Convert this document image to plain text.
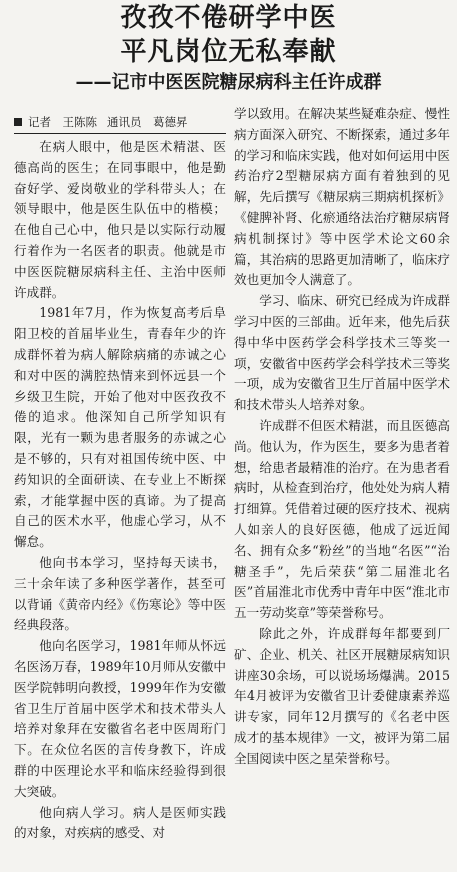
孜孜不倦研学中医
平凡岗位无私奉献
——记市中医医院糖尿病科主任许成群
记者　王陈陈 通讯员　葛德昇

在病人眼中，他是医术精湛、医德高尚的医生；在同事眼中，他是勤奋好学、爱岗敬业的学科带头人；在领导眼中，他是医生队伍中的楷模；在他自己心中，他只是以实际行动履行着作为一名医者的职责。他就是市中医医院糖尿病科主任、主治中医师许成群。

1981年7月，作为恢复高考后阜阳卫校的首届毕业生，青春年少的许成群怀着为病人解除病痛的赤诚之心和对中医的满腔热情来到怀远县一个乡级卫生院，开始了他对中医孜孜不倦的追求。他深知自己所学知识有限，光有一颗为患者服务的赤诚之心是不够的，只有对祖国传统中医、中药知识的全面研读、在专业上不断探索，才能掌握中医的真谛。为了提高自己的医术水平，他虚心学习，从不懈怠。

他向书本学习，坚持每天读书，三十余年读了多种医学著作，甚至可以背诵《黄帝内经》《伤寒论》等中医经典段落。

他向名医学习，1981年师从怀远名医汤万春，1989年10月师从安徽中医学院韩明向教授，1999年作为安徽省卫生厅首届中医学术和技术带头人培养对象拜在安徽省名老中医周珩门下。在众位名医的言传身教下，许成群的中医理论水平和临床经验得到很大突破。

他向病人学习。病人是医师实践的对象，对疾病的感受、对

学以致用。在解决某些疑难杂症、慢性病方面深入研究、不断探索，通过多年的学习和临床实践，他对如何运用中医药治疗2型糖尿病方面有着独到的见解，先后撰写《糖尿病三期病机探析》《健脾补肾、化瘀通络法治疗糖尿病肾病机制探讨》等中医学术论文60余篇，其治病的思路更加清晰了，临床疗效也更加令人满意了。

学习、临床、研究已经成为许成群学习中医的三部曲。近年来，他先后获得中华中医药学会科学技术三等奖一项，安徽省中医药学会科学技术三等奖一项，成为安徽省卫生厅首届中医学术和技术带头人培养对象。

许成群不但医术精湛，而且医德高尚。他认为，作为医生，要多为患者着想，给患者最精准的治疗。在为患者看病时，从检查到治疗，他处处为病人精打细算。凭借着过硬的医疗技术、视病人如亲人的良好医德，他成了远近闻名、拥有众多“粉丝”的当地“名医”“治糖圣手”，先后荣获“第二届淮北名医”首届淮北市优秀中青年中医“淮北市五一劳动奖章”等荣誉称号。

除此之外，许成群每年都要到厂矿、企业、机关、社区开展糖尿病知识讲座30余场，可以说场场爆满。2015年4月被评为安徽省卫计委健康素养巡讲专家，同年12月撰写的《名老中医成才的基本规律》一文，被评为第二届全国阅读中医之星荣誉称号。
